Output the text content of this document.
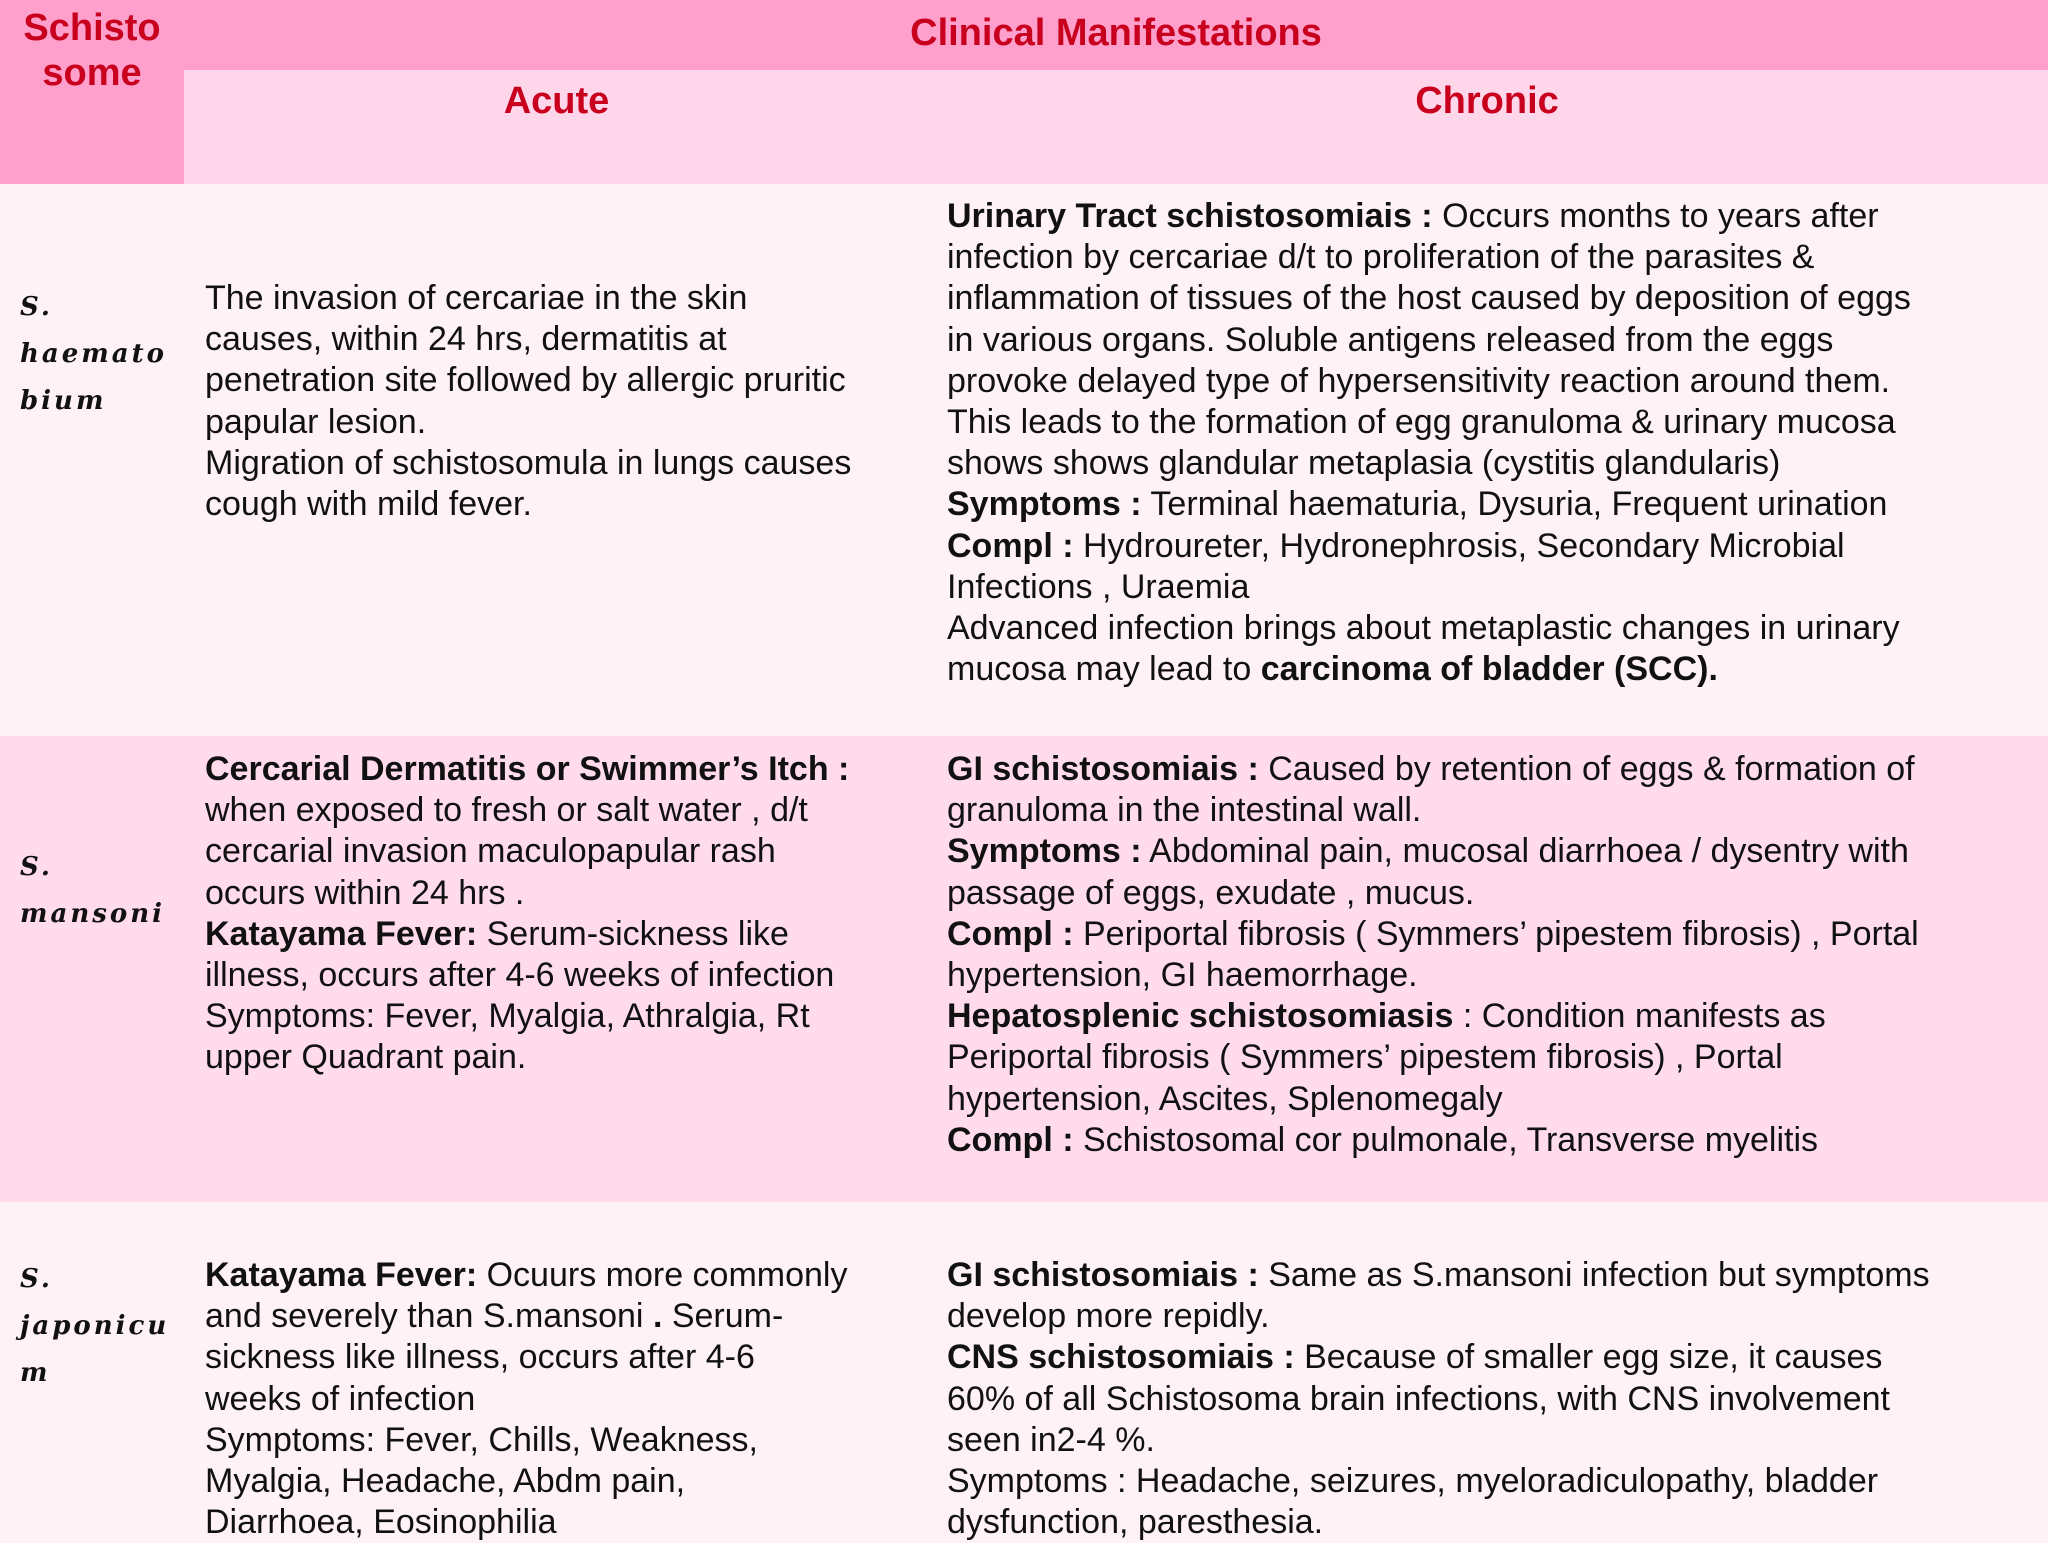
Schisto
some
Clinical Manifestations
Acute	Chronic
S.
haemato
bium
The invasion of cercariae in the skin
causes, within 24 hrs, dermatitis at
penetration site followed by allergic pruritic
papular lesion.
Migration of schistosomula in lungs causes
cough with mild fever.
Urinary Tract schistosomiais : Occurs months to years after
infection by cercariae d/t to proliferation of the parasites &
inflammation of tissues of the host caused by deposition of eggs
in various organs. Soluble antigens released from the eggs
provoke delayed type of hypersensitivity reaction around them.
This leads to the formation of egg granuloma & urinary mucosa
shows shows glandular metaplasia (cystitis glandularis)
Symptoms : Terminal haematuria, Dysuria, Frequent urination
Compl : Hydroureter, Hydronephrosis, Secondary Microbial
Infections , Uraemia
Advanced infection brings about metaplastic changes in urinary
mucosa may lead to carcinoma of bladder (SCC).
S.
mansoni
Cercarial Dermatitis or Swimmer’s Itch :
when exposed to fresh or salt water , d/t
cercarial invasion maculopapular rash
occurs within 24 hrs .
Katayama Fever: Serum-sickness like
illness, occurs after 4-6 weeks of infection
Symptoms: Fever, Myalgia, Athralgia, Rt
upper Quadrant pain.
GI schistosomiais : Caused by retention of eggs & formation of
granuloma in the intestinal wall.
Symptoms : Abdominal pain, mucosal diarrhoea / dysentry with
passage of eggs, exudate , mucus.
Compl : Periportal fibrosis ( Symmers’ pipestem fibrosis) , Portal
hypertension, GI haemorrhage.
Hepatosplenic schistosomiasis : Condition manifests as
Periportal fibrosis ( Symmers’ pipestem fibrosis) , Portal
hypertension, Ascites, Splenomegaly
Compl : Schistosomal cor pulmonale, Transverse myelitis
S.
japonicu
m
Katayama Fever: Ocuurs more commonly
and severely than S.mansoni . Serum-
sickness like illness, occurs after 4-6
weeks of infection
Symptoms: Fever, Chills, Weakness,
Myalgia, Headache, Abdm pain,
Diarrhoea, Eosinophilia
GI schistosomiais : Same as S.mansoni infection but symptoms
develop more repidly.
CNS schistosomiais : Because of smaller egg size, it causes
60% of all Schistosoma brain infections, with CNS involvement
seen in2-4 %.
Symptoms : Headache, seizures, myeloradiculopathy, bladder
dysfunction, paresthesia.
